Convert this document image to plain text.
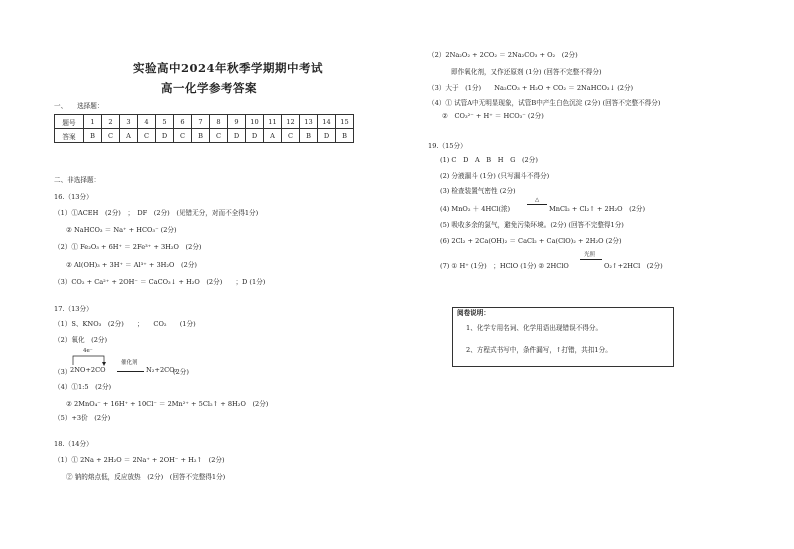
实验高中2024年秋季学期期中考试
高一化学参考答案
一、　　选择题：
题号	1	2	3	4	5	6	7	8	9	10	11	12	13	14	15
答案	B	C	A	C	D	C	B	C	D	D	A	C	B	D	B
二、非选择题：
16.（13分）
（1）①ACEH　(2分)　；　DF　(2分)　(见错无分，对而不全得1分)
② NaHCO₃ ＝ Na⁺ + HCO₃⁻ (2分)
（2）① Fe₂O₃ + 6H⁺ ＝ 2Fe³⁺ + 3H₂O　(2分)
② Al(OH)₃ + 3H⁺ ＝ Al³⁺ + 3H₂O　(2分)
（3）CO₂ + Ca²⁺ + 2OH⁻ ＝ CaCO₃↓ + H₂O　(2分)　　；D (1分)
17.（13分）
（1）S、KNO₃　(2分)　　；　　CO₂　　(1分)
（2）氧化　(2分)
4e⁻
（3）
2NO+2CO
催化剂
N₂+2CO₂
(2分)
（4）①1:5　(2分)
② 2MnO₄⁻ + 16H⁺ + 10Cl⁻ ＝ 2Mn²⁺ + 5Cl₂↑ + 8H₂O　(2分)
（5）+3价　(2分)
18.（14分）
（1）① 2Na + 2H₂O ＝ 2Na⁺ + 2OH⁻ + H₂↑　(2分)
② 钠的熔点低，反应放热　(2分)　(回答不完整得1分)
（2）2Na₂O₂ + 2CO₂ ＝ 2Na₂CO₃ + O₂　(2分)
即作氧化剂，又作还原剂 (1分) (回答不完整不得分)
（3）大于　(1分)　　Na₂CO₃ + H₂O + CO₂ ＝ 2NaHCO₃↓ (2分)
（4）① 试管A中无明显现象，试管B中产生白色沉淀 (2分) (回答不完整不得分)
②　CO₃²⁻ + H⁺ ＝ HCO₃⁻ (2分)
19.（15分）
(1) C　D　A　B　H　G　(2分)
(2) 分液漏斗 (1分) (只写漏斗不得分)
(3) 检查装置气密性 (2分)
(4) MnO₂ ＋ 4HCl(浓)
△
MnCl₂ + Cl₂↑ + 2H₂O　(2分)
(5) 吸收多余的氯气，避免污染环境。(2分) (回答不完整得1分)
(6) 2Cl₂ + 2Ca(OH)₂ ＝ CaCl₂ + Ca(ClO)₂ + 2H₂O (2分)
(7) ① H⁺ (1分)　；HClO (1分) ② 2HClO
光照
O₂↑+2HCl　(2分)
阅卷说明：
1、化学专用名词、化学用语出现错误不得分。
2、方程式书写中，条件漏写，↑打错，共扣1分。
